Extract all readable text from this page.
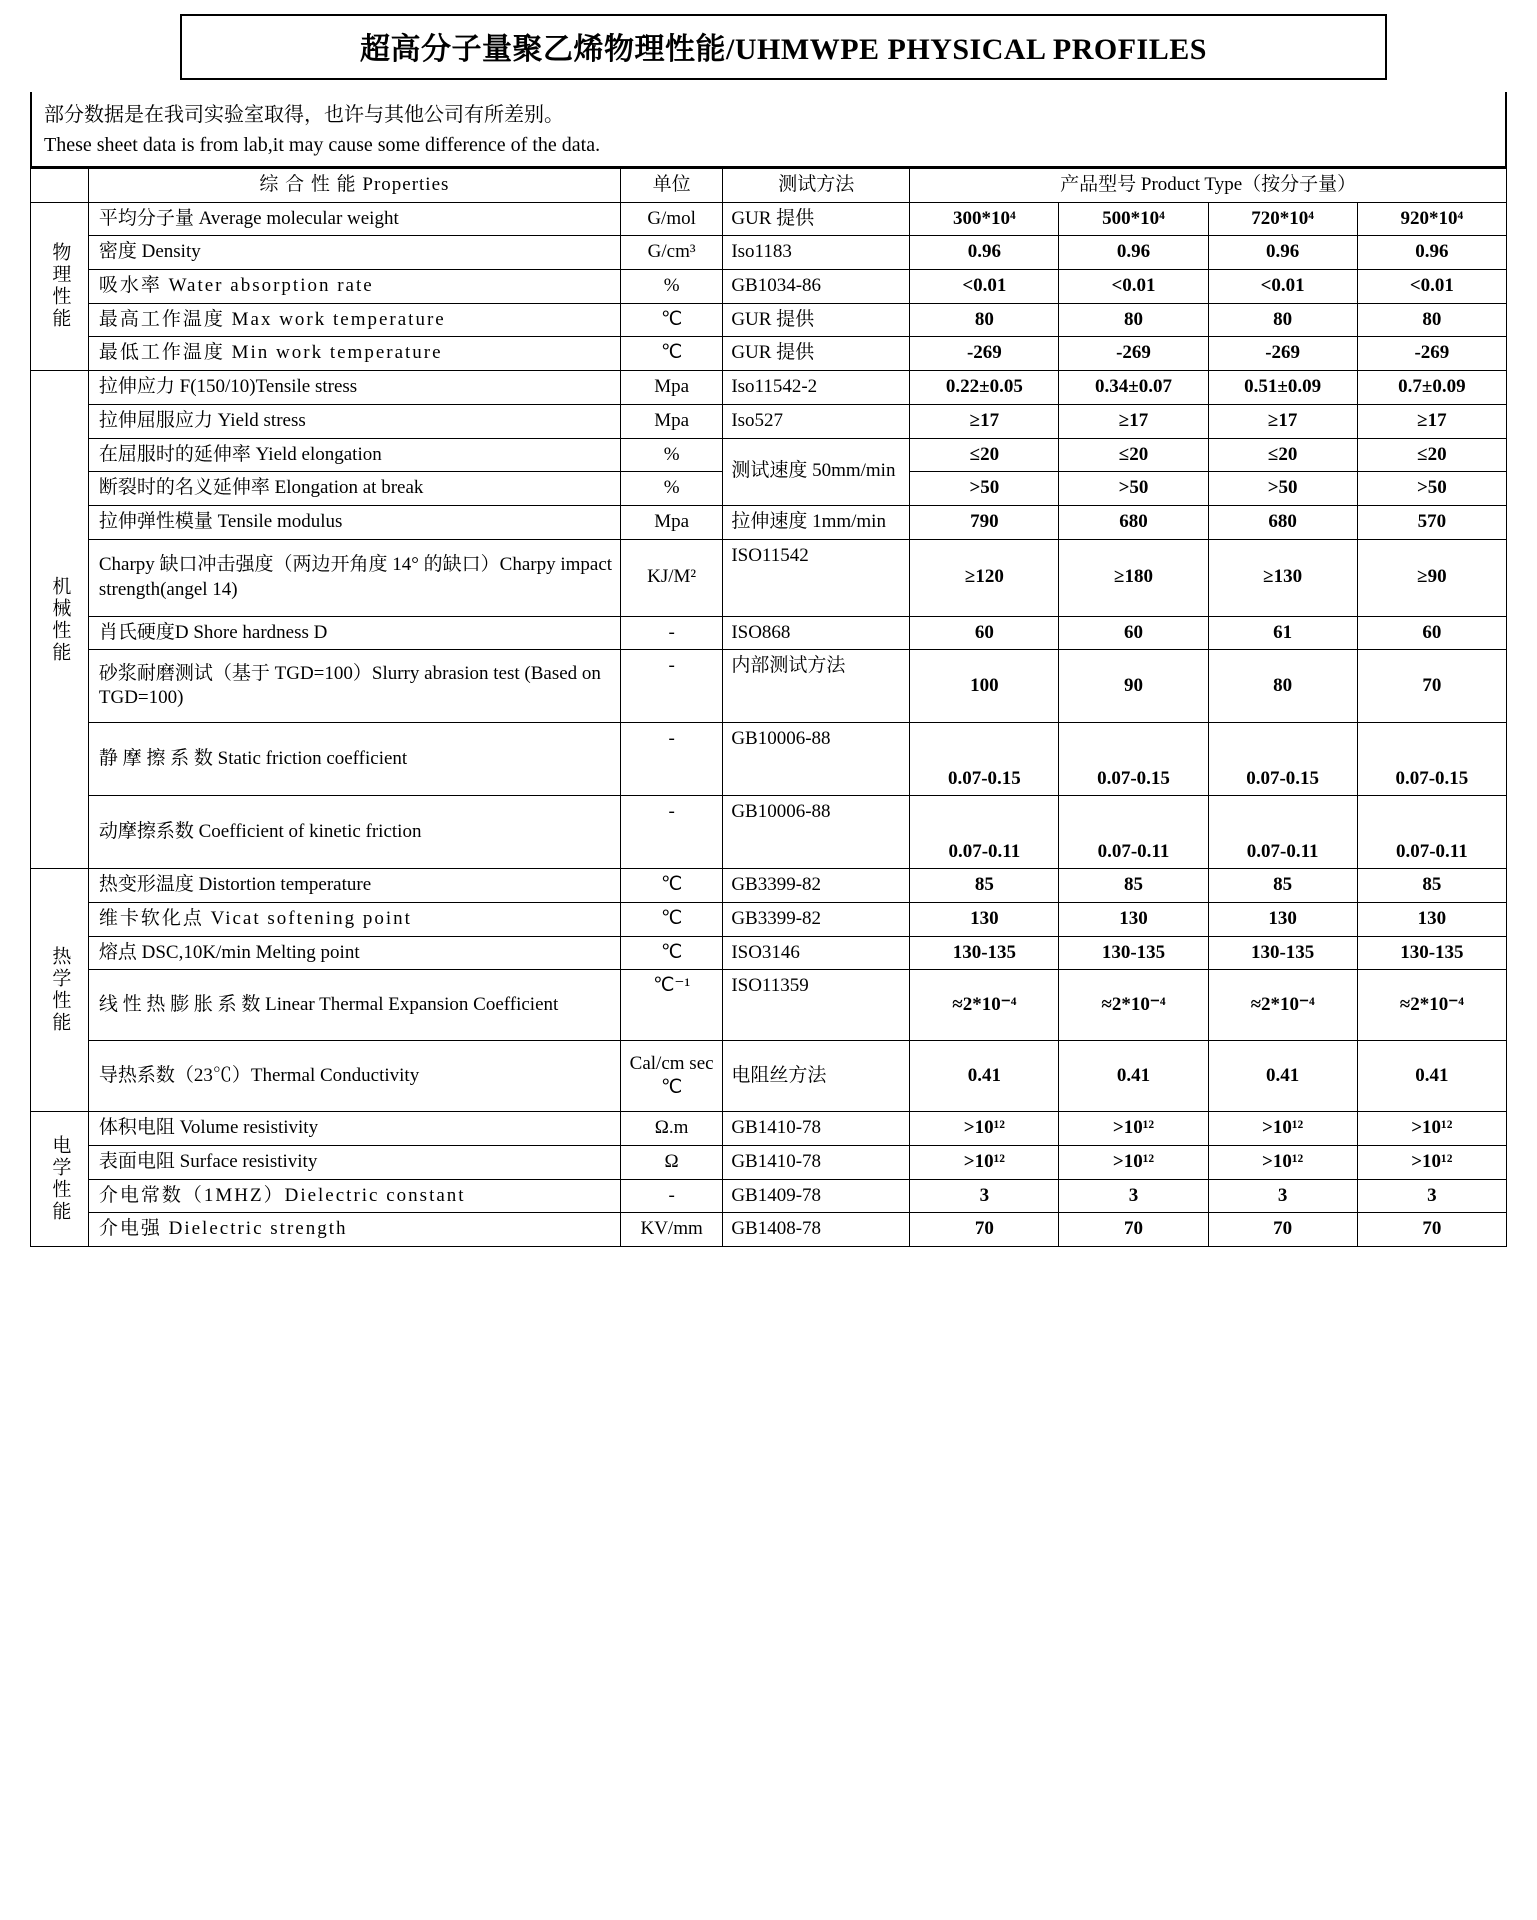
超高分子量聚乙烯物理性能/UHMWPE PHYSICAL PROFILES
部分数据是在我司实验室取得，也许与其他公司有所差别。
These sheet data is from lab,it may cause some difference of the data.
	综 合 性 能 Properties	单位	测试方法	产品型号 Product Type（按分子量）			

物理性能	平均分子量 Average molecular weight	G/mol	GUR 提供	300*10⁴	500*10⁴	720*10⁴	920*10⁴
	密度 Density	G/cm³	Iso1183	0.96	0.96	0.96	0.96
	吸水率 Water absorption rate	%	GB1034-86	<0.01	<0.01	<0.01	<0.01
	最高工作温度 Max work temperature	℃	GUR 提供	80	80	80	80
	最低工作温度 Min work temperature	℃	GUR 提供	-269	-269	-269	-269

机械性能	拉伸应力 F(150/10)Tensile stress	Mpa	Iso11542-2	0.22±0.05	0.34±0.07	0.51±0.09	0.7±0.09
	拉伸屈服应力 Yield stress	Mpa	Iso527	≥17	≥17	≥17	≥17
	在屈服时的延伸率 Yield elongation	%	测试速度 50mm/min	≤20	≤20	≤20	≤20
	断裂时的名义延伸率 Elongation at break	%		>50	>50	>50	>50
	拉伸弹性模量 Tensile modulus	Mpa	拉伸速度 1mm/min	790	680	680	570
	Charpy 缺口冲击强度（两边开角度 14° 的缺口）Charpy impact strength(angel 14)	KJ/M²	ISO11542	≥120	≥180	≥130	≥90
	肖氏硬度D Shore hardness D	-	ISO868	60	60	61	60
	砂浆耐磨测试（基于 TGD=100）Slurry abrasion test (Based on TGD=100)	-	内部测试方法	100	90	80	70
	静 摩 擦 系 数 Static friction coefficient	-	GB10006-88	0.07-0.15	0.07-0.15	0.07-0.15	0.07-0.15
	动摩擦系数 Coefficient of kinetic friction	-	GB10006-88	0.07-0.11	0.07-0.11	0.07-0.11	0.07-0.11

热学性能	热变形温度 Distortion temperature	℃	GB3399-82	85	85	85	85
	维卡软化点 Vicat softening point	℃	GB3399-82	130	130	130	130
	熔点 DSC,10K/min Melting point	℃	ISO3146	130-135	130-135	130-135	130-135
	线 性 热 膨 胀 系 数 Linear Thermal Expansion Coefficient	℃⁻¹	ISO11359	≈2*10⁻⁴	≈2*10⁻⁴	≈2*10⁻⁴	≈2*10⁻⁴
	导热系数（23℃）Thermal Conductivity	Cal/cm sec ℃	电阻丝方法	0.41	0.41	0.41	0.41

电学性能	体积电阻 Volume resistivity	Ω.m	GB1410-78	>10¹²	>10¹²	>10¹²	>10¹²
	表面电阻 Surface resistivity	Ω	GB1410-78	>10¹²	>10¹²	>10¹²	>10¹²
	介电常数（1MHZ）Dielectric constant	-	GB1409-78	3	3	3	3
	介电强 Dielectric strength	KV/mm	GB1408-78	70	70	70	70
